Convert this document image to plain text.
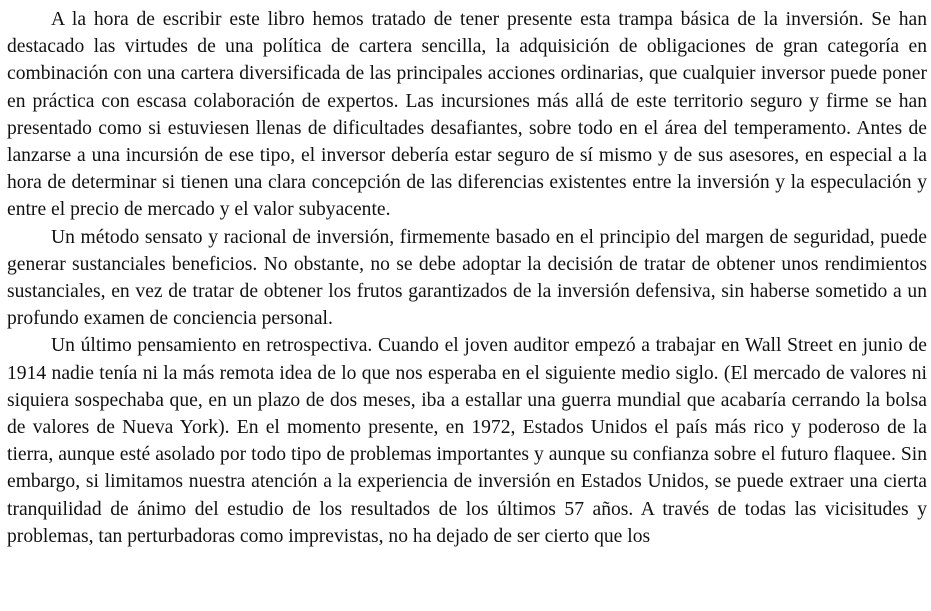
A la hora de escribir este libro hemos tratado de tener presente esta trampa básica de la inversión. Se han destacado las virtudes de una política de cartera sencilla, la adquisición de obligaciones de gran categoría en combinación con una cartera diversificada de las principales acciones ordinarias, que cualquier inversor puede poner en práctica con escasa colaboración de expertos. Las incursiones más allá de este territorio seguro y firme se han presentado como si estuviesen llenas de dificultades desafiantes, sobre todo en el área del temperamento. Antes de lanzarse a una incursión de ese tipo, el inversor debería estar seguro de sí mismo y de sus asesores, en especial a la hora de determinar si tienen una clara concepción de las diferencias existentes entre la inversión y la especulación y entre el precio de mercado y el valor subyacente.

Un método sensato y racional de inversión, firmemente basado en el principio del margen de seguridad, puede generar sustanciales beneficios. No obstante, no se debe adoptar la decisión de tratar de obtener unos rendimientos sustanciales, en vez de tratar de obtener los frutos garantizados de la inversión defensiva, sin haberse sometido a un profundo examen de conciencia personal.

Un último pensamiento en retrospectiva. Cuando el joven auditor empezó a trabajar en Wall Street en junio de 1914 nadie tenía ni la más remota idea de lo que nos esperaba en el siguiente medio siglo. (El mercado de valores ni siquiera sospechaba que, en un plazo de dos meses, iba a estallar una guerra mundial que acabaría cerrando la bolsa de valores de Nueva York). En el momento presente, en 1972, Estados Unidos el país más rico y poderoso de la tierra, aunque esté asolado por todo tipo de problemas importantes y aunque su confianza sobre el futuro flaquee. Sin embargo, si limitamos nuestra atención a la experiencia de inversión en Estados Unidos, se puede extraer una cierta tranquilidad de ánimo del estudio de los resultados de los últimos 57 años. A través de todas las vicisitudes y problemas, tan perturbadoras como imprevistas, no ha dejado de ser cierto que los
